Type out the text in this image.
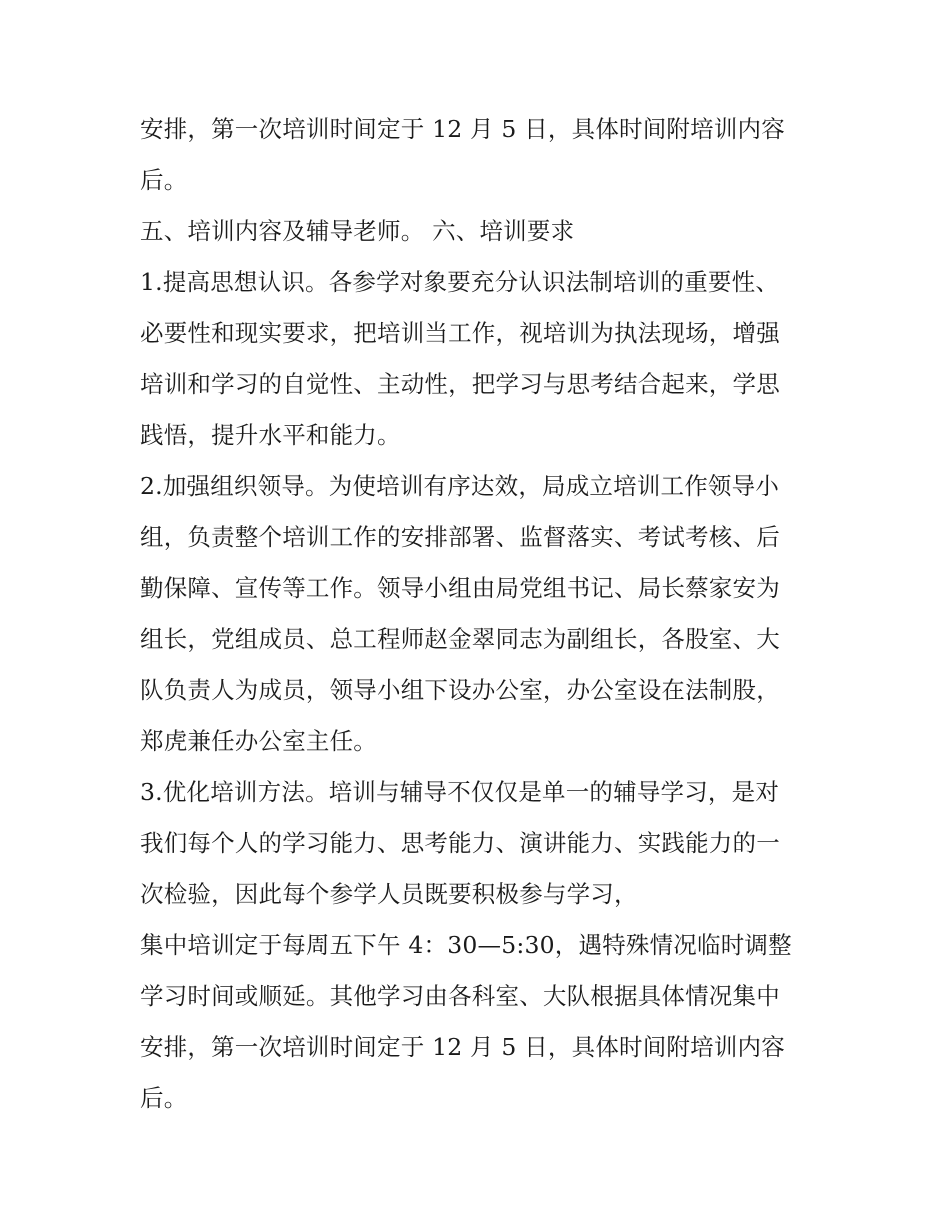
安排，第一次培训时间定于 12 月 5 日，具体时间附培训内容
后。
五、培训内容及辅导老师。 六、培训要求
1.提高思想认识。各参学对象要充分认识法制培训的重要性、
必要性和现实要求，把培训当工作，视培训为执法现场，增强
培训和学习的自觉性、主动性，把学习与思考结合起来，学思
践悟，提升水平和能力。
2.加强组织领导。为使培训有序达效，局成立培训工作领导小
组，负责整个培训工作的安排部署、监督落实、考试考核、后
勤保障、宣传等工作。领导小组由局党组书记、局长蔡家安为
组长，党组成员、总工程师赵金翠同志为副组长，各股室、大
队负责人为成员，领导小组下设办公室，办公室设在法制股，
郑虎兼任办公室主任。
3.优化培训方法。培训与辅导不仅仅是单一的辅导学习，是对
我们每个人的学习能力、思考能力、演讲能力、实践能力的一
次检验，因此每个参学人员既要积极参与学习，
集中培训定于每周五下午 4：30—5:30，遇特殊情况临时调整
学习时间或顺延。其他学习由各科室、大队根据具体情况集中
安排，第一次培训时间定于 12 月 5 日，具体时间附培训内容
后。
